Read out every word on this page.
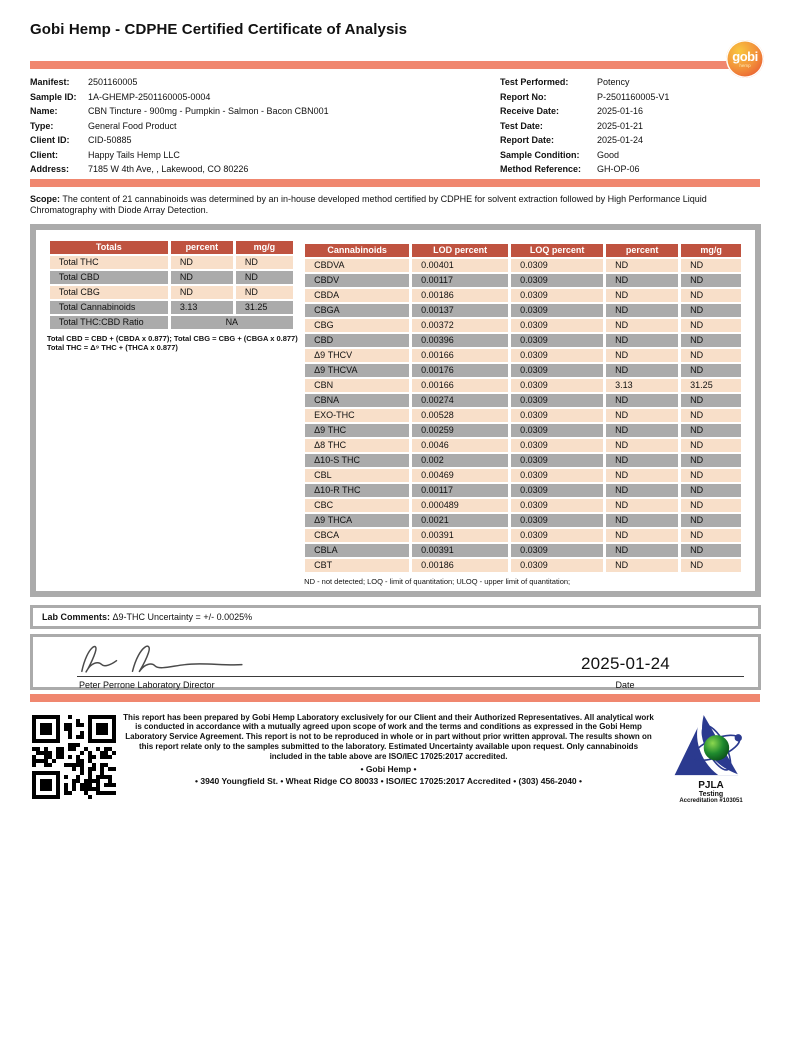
Gobi Hemp - CDPHE Certified Certificate of Analysis
gobi
hemp
Manifest: 2501160005
Sample ID: 1A-GHEMP-2501160005-0004
Name:	CBN Tincture - 900mg - Pumpkin - Salmon - Bacon CBN001
Type:	General Food Product
Client ID: CID-50885
Client:	Happy Tails Hemp LLC
Address: 7185 W 4th Ave, , Lakewood, CO 80226
Test Performed:	Potency
Report No:	P-2501160005-V1
Receive Date:	2025-01-16
Test Date:	2025-01-21
Report Date:	2025-01-24
Sample Condition: Good
Method Reference: GH-OP-06
Scope: The content of 21 cannabinoids was determined by an in-house developed method certified by CDPHE for solvent extraction followed by High Performance Liquid Chromatography with Diode Array Detection.
Totals	percent	mg/g
Total THC	ND	ND
Total CBD	ND	ND
Total CBG	ND	ND
Total Cannabinoids	3.13	31.25
Total THC:CBD Ratio	NA	
Total CBD = CBD + (CBDA x 0.877); Total CBG = CBG + (CBGA x 0.877)
Total THC = Δ⁹ THC + (THCA x 0.877)

Cannabinoids	LOD percent	LOQ percent	percent	mg/g
CBDVA	0.00401	0.0309	ND	ND
CBDV	0.00117	0.0309	ND	ND
CBDA	0.00186	0.0309	ND	ND
CBGA	0.00137	0.0309	ND	ND
CBG	0.00372	0.0309	ND	ND
CBD	0.00396	0.0309	ND	ND
Δ9 THCV	0.00166	0.0309	ND	ND
Δ9 THCVA	0.00176	0.0309	ND	ND
CBN	0.00166	0.0309	3.13	31.25
CBNA	0.00274	0.0309	ND	ND
EXO-THC	0.00528	0.0309	ND	ND
Δ9 THC	0.00259	0.0309	ND	ND
Δ8 THC	0.0046	0.0309	ND	ND
Δ10-S THC	0.002	0.0309	ND	ND
CBL	0.00469	0.0309	ND	ND
Δ10-R THC	0.00117	0.0309	ND	ND
CBC	0.000489	0.0309	ND	ND
Δ9 THCA	0.0021	0.0309	ND	ND
CBCA	0.00391	0.0309	ND	ND
CBLA	0.00391	0.0309	ND	ND
CBT	0.00186	0.0309	ND	ND
ND - not detected; LOQ - limit of quantitation; ULOQ - upper limit of quantitation;
Lab Comments: Δ9-THC Uncertainty = +/- 0.0025%
2025-01-24
Peter Perrone Laboratory Director	Date
This report has been prepared by Gobi Hemp Laboratory exclusively for our Client and their Authorized Representatives. All analytical work is conducted in accordance with a mutually agreed upon scope of work and the terms and conditions as expressed in the Gobi Hemp Laboratory Service Agreement. This report is not to be reproduced in whole or in part without prior written approval. The results shown on this report relate only to the samples submitted to the laboratory. Estimated Uncertainty available upon request. Only cannabinoids included in the table above are ISO/IEC 17025:2017 accredited.
• Gobi Hemp •
• 3940 Youngfield St. • Wheat Ridge CO 80033 • ISO/IEC 17025:2017 Accredited • (303) 456-2040 •	PJLA
Testing
Accreditation #103051
